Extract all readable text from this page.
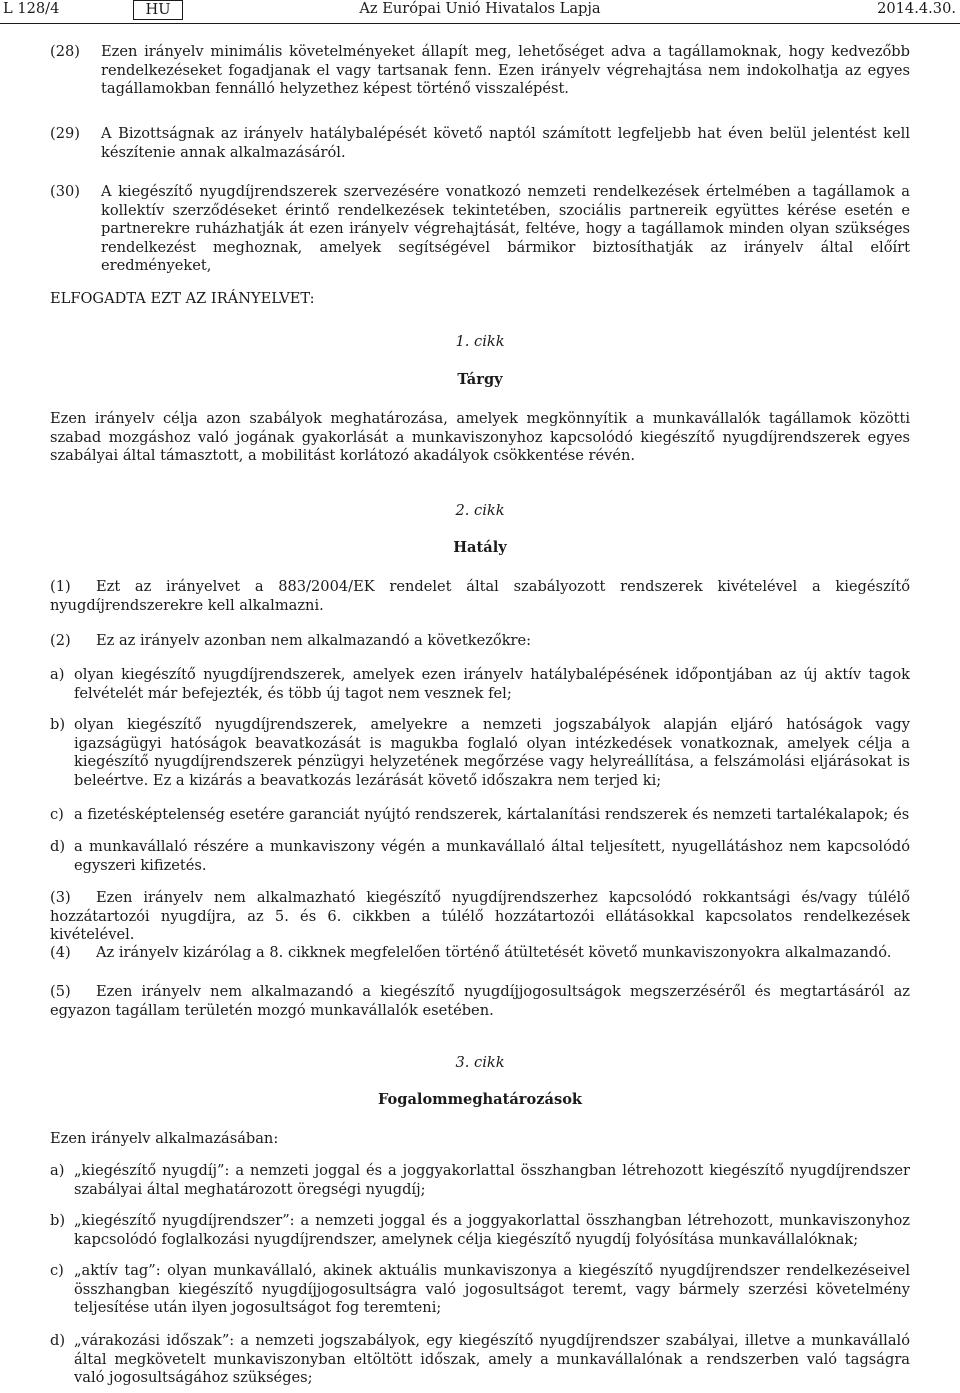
L 128/4	HU	Az Európai Unió Hivatalos Lapja	2014.4.30.
(28) Ezen irányelv minimális követelményeket állapít meg, lehetőséget adva a tagállamoknak, hogy kedvezőbb rendelkezéseket fogadjanak el vagy tartsanak fenn. Ezen irányelv végrehajtása nem indokolhatja az egyes tagállamokban fennálló helyzethez képest történő visszalépést.
(29) A Bizottságnak az irányelv hatálybalépését követő naptól számított legfeljebb hat éven belül jelentést kell készítenie annak alkalmazásáról.
(30) A kiegészítő nyugdíjrendszerek szervezésére vonatkozó nemzeti rendelkezések értelmében a tagállamok a kollektív szerződéseket érintő rendelkezések tekintetében, szociális partnereik együttes kérése esetén e partnerekre ruházhatják át ezen irányelv végrehajtását, feltéve, hogy a tagállamok minden olyan szükséges rendelkezést meghoznak, amelyek segítségével bármikor biztosíthatják az irányelv által előírt eredményeket,
ELFOGADTA EZT AZ IRÁNYELVET:
1. cikk
Tárgy
Ezen irányelv célja azon szabályok meghatározása, amelyek megkönnyítik a munkavállalók tagállamok közötti szabad mozgáshoz való jogának gyakorlását a munkaviszonyhoz kapcsolódó kiegészítő nyugdíjrendszerek egyes szabályai által támasztott, a mobilitást korlátozó akadályok csökkentése révén.
2. cikk
Hatály
(1)	Ezt az irányelvet a 883/2004/EK rendelet által szabályozott rendszerek kivételével a kiegészítő nyugdíjrendszerekre kell alkalmazni.
(2)	Ez az irányelv azonban nem alkalmazandó a következőkre:
a) olyan kiegészítő nyugdíjrendszerek, amelyek ezen irányelv hatálybalépésének időpontjában az új aktív tagok felvételét már befejezték, és több új tagot nem vesznek fel;
b) olyan kiegészítő nyugdíjrendszerek, amelyekre a nemzeti jogszabályok alapján eljáró hatóságok vagy igazságügyi hatóságok beavatkozását is magukba foglaló olyan intézkedések vonatkoznak, amelyek célja a kiegészítő nyugdíjrendszerek pénzügyi helyzetének megőrzése vagy helyreállítása, a felszámolási eljárásokat is beleértve. Ez a kizárás a beavatkozás lezárását követő időszakra nem terjed ki;
c) a fizetésképtelenség esetére garanciát nyújtó rendszerek, kártalanítási rendszerek és nemzeti tartalékalapok; és
d) a munkavállaló részére a munkaviszony végén a munkavállaló által teljesített, nyugellátáshoz nem kapcsolódó egyszeri kifizetés.
(3)	Ezen irányelv nem alkalmazható kiegészítő nyugdíjrendszerhez kapcsolódó rokkantsági és/vagy túlélő hozzátartozói nyugdíjra, az 5. és 6. cikkben a túlélő hozzátartozói ellátásokkal kapcsolatos rendelkezések kivételével.
(4)	Az irányelv kizárólag a 8. cikknek megfelelően történő átültetését követő munkaviszonyokra alkalmazandó.
(5)	Ezen irányelv nem alkalmazandó a kiegészítő nyugdíjjogosultságok megszerzéséről és megtartásáról az egyazon tagállam területén mozgó munkavállalók esetében.
3. cikk
Fogalommeghatározások
Ezen irányelv alkalmazásában:
a) „kiegészítő nyugdíj”: a nemzeti joggal és a joggyakorlattal összhangban létrehozott kiegészítő nyugdíjrendszer szabályai által meghatározott öregségi nyugdíj;
b) „kiegészítő nyugdíjrendszer”: a nemzeti joggal és a joggyakorlattal összhangban létrehozott, munkaviszonyhoz kapcsolódó foglalkozási nyugdíjrendszer, amelynek célja kiegészítő nyugdíj folyósítása munkavállalóknak;
c) „aktív tag”: olyan munkavállaló, akinek aktuális munkaviszonya a kiegészítő nyugdíjrendszer rendelkezéseivel összhangban kiegészítő nyugdíjjogosultságra való jogosultságot teremt, vagy bármely szerzési követelmény teljesítése után ilyen jogosultságot fog teremteni;
d) „várakozási időszak”: a nemzeti jogszabályok, egy kiegészítő nyugdíjrendszer szabályai, illetve a munkavállaló által megkövetelt munkaviszonyban eltöltött időszak, amely a munkavállalónak a rendszerben való tagságra való jogosultságához szükséges;
